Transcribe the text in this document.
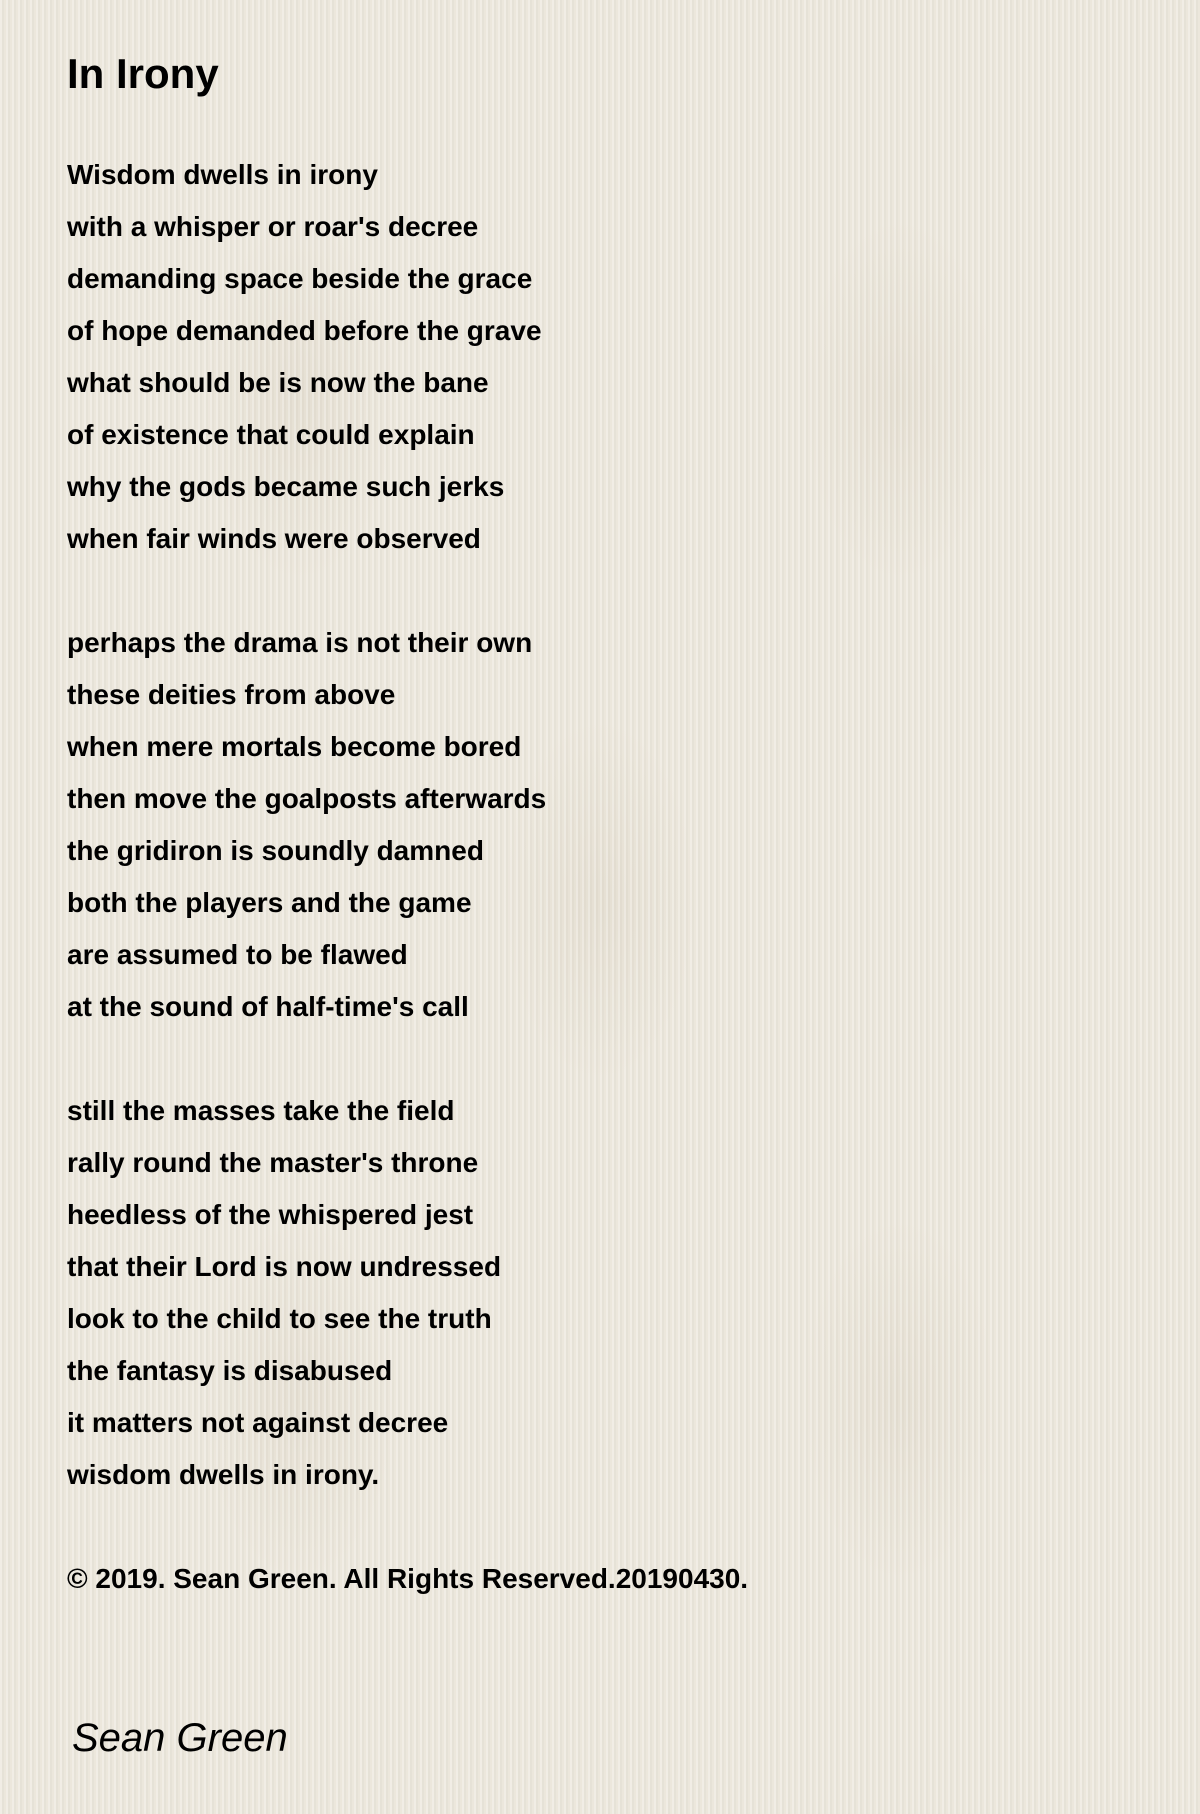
In Irony
Wisdom dwells in irony
with a whisper or roar's decree
demanding space beside the grace
of hope demanded before the grave
what should be is now the bane
of existence that could explain
why the gods became such jerks
when fair winds were observed
perhaps the drama is not their own
these deities from above
when mere mortals become bored
then move the goalposts afterwards
the gridiron is soundly damned
both the players and the game
are assumed to be flawed
at the sound of half-time's call
still the masses take the field
rally round the master's throne
heedless of the whispered jest
that their Lord is now undressed
look to the child to see the truth
the fantasy is disabused
it matters not against decree
wisdom dwells in irony.
© 2019. Sean Green. All Rights Reserved.20190430.
Sean Green
